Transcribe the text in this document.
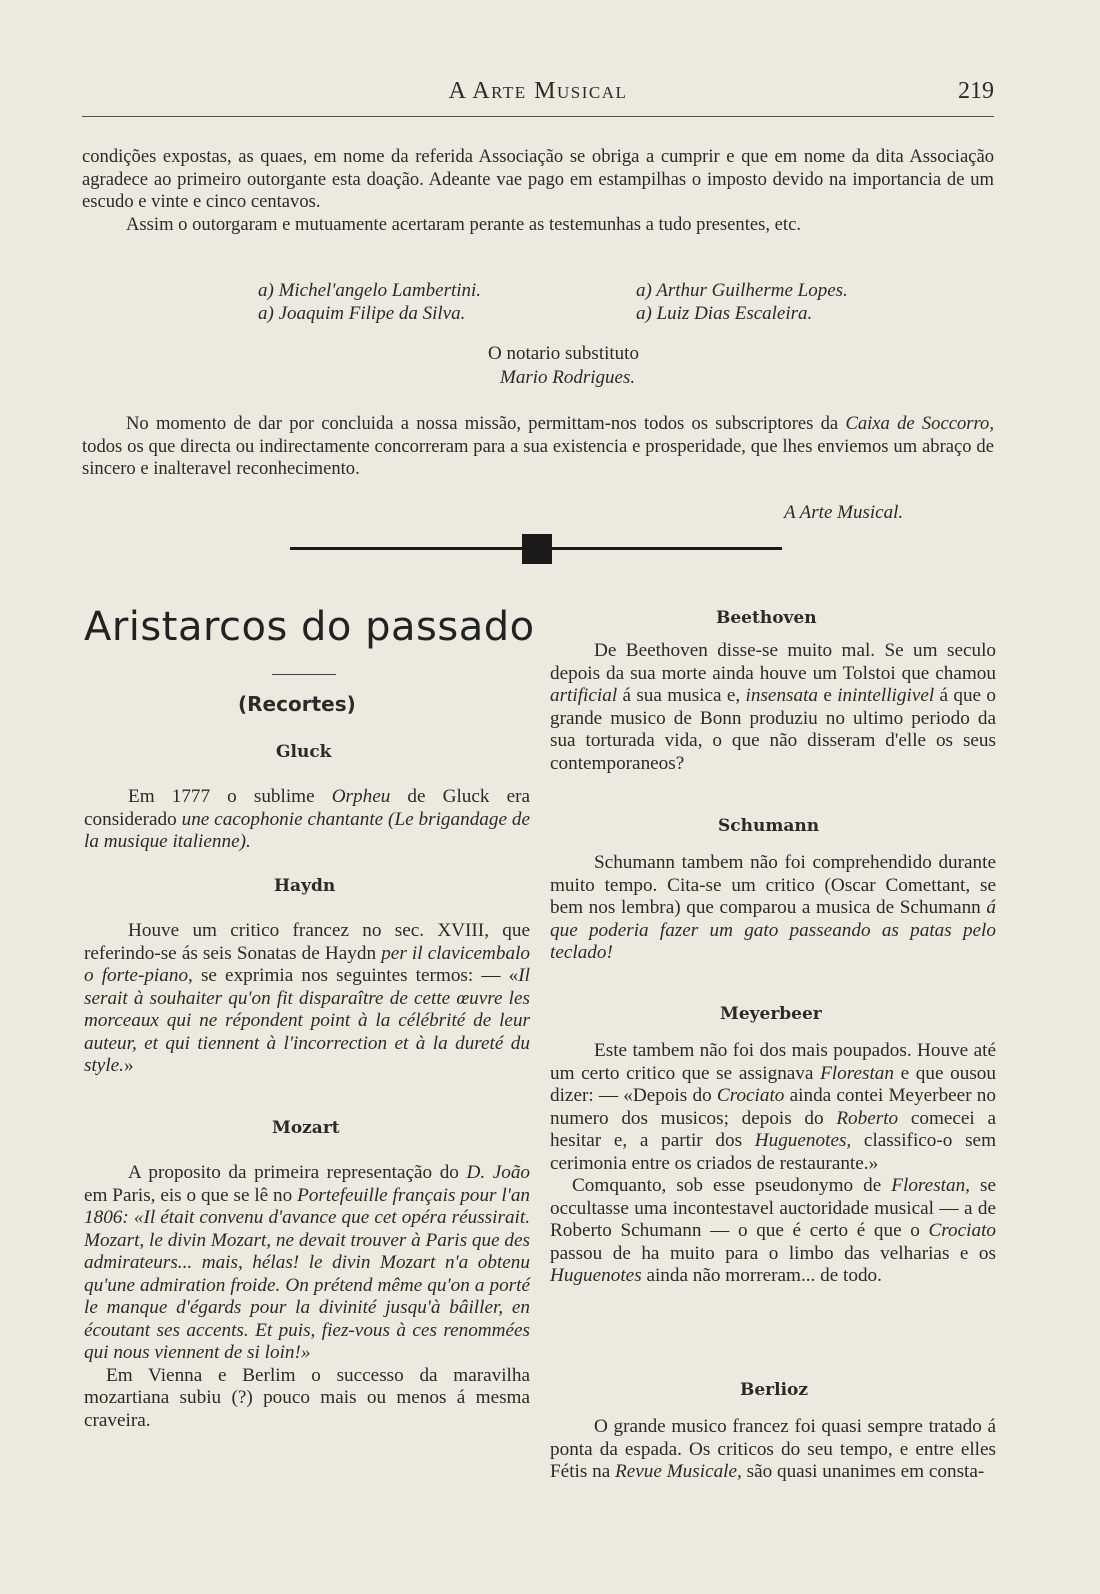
A Arte Musical	219

condições expostas, as quaes, em nome da referida Associação se obriga a cumprir e que em nome da dita Associação agradece ao primeiro outorgante esta doação. Adeante vae pago em estampilhas o imposto devido na importancia de um escudo e vinte e cinco centavos.

Assim o outorgaram e mutuamente acertaram perante as testemunhas a tudo presentes, etc.

a) Michel'angelo Lambertini.	a) Arthur Guilherme Lopes.
a) Joaquim Filipe da Silva.	a) Luiz Dias Escaleira.
O notario substituto
Mario Rodrigues.

No momento de dar por concluida a nossa missão, permittam-nos todos os subscriptores da Caixa de Soccorro, todos os que directa ou indirectamente concorreram para a sua existencia e prosperidade, que lhes enviemos um abraço de sincero e inalteravel reconhecimento.

A Arte Musical.
Aristarcos do passado
(Recortes)
Gluck

Em 1777 o sublime Orpheu de Gluck era considerado une cacophonie chantante (Le brigandage de la musique italienne).

Haydn

Houve um critico francez no sec. XVIII, que referindo-se ás seis Sonatas de Haydn per il clavicembalo o forte-piano, se exprimia nos seguintes termos: — «Il serait à souhaiter qu'on fit disparaître de cette œuvre les morceaux qui ne répondent point à la célébrité de leur auteur, et qui tiennent à l'incorrection et à la dureté du style.»

Mozart

A proposito da primeira representação do D. João em Paris, eis o que se lê no Portefeuille français pour l'an 1806: «Il était convenu d'avance que cet opéra réussirait. Mozart, le divin Mozart, ne devait trouver à Paris que des admirateurs... mais, hélas! le divin Mozart n'a obtenu qu'une admiration froide. On prétend même qu'on a porté le manque d'égards pour la divinité jusqu'à bâiller, en écoutant ses accents. Et puis, fiez-vous à ces renommées qui nous viennent de si loin!»

Em Vienna e Berlim o successo da maravilha mozartiana subiu (?) pouco mais ou menos á mesma craveira.

Beethoven

De Beethoven disse-se muito mal. Se um seculo depois da sua morte ainda houve um Tolstoi que chamou artificial á sua musica e, insensata e inintelligivel á que o grande musico de Bonn produziu no ultimo periodo da sua torturada vida, o que não disseram d'elle os seus contemporaneos?

Schumann

Schumann tambem não foi comprehendido durante muito tempo. Cita-se um critico (Oscar Comettant, se bem nos lembra) que comparou a musica de Schumann á que poderia fazer um gato passeando as patas pelo teclado!

Meyerbeer

Este tambem não foi dos mais poupados. Houve até um certo critico que se assignava Florestan e que ousou dizer: — «Depois do Crociato ainda contei Meyerbeer no numero dos musicos; depois do Roberto comecei a hesitar e, a partir dos Huguenotes, classifico-o sem cerimonia entre os criados de restaurante.»

Comquanto, sob esse pseudonymo de Florestan, se occultasse uma incontestavel auctoridade musical — a de Roberto Schumann — o que é certo é que o Crociato passou de ha muito para o limbo das velharias e os Huguenotes ainda não morreram... de todo.

Berlioz

O grande musico francez foi quasi sempre tratado á ponta da espada. Os criticos do seu tempo, e entre elles Fétis na Revue Musicale, são quasi unanimes em consta-
